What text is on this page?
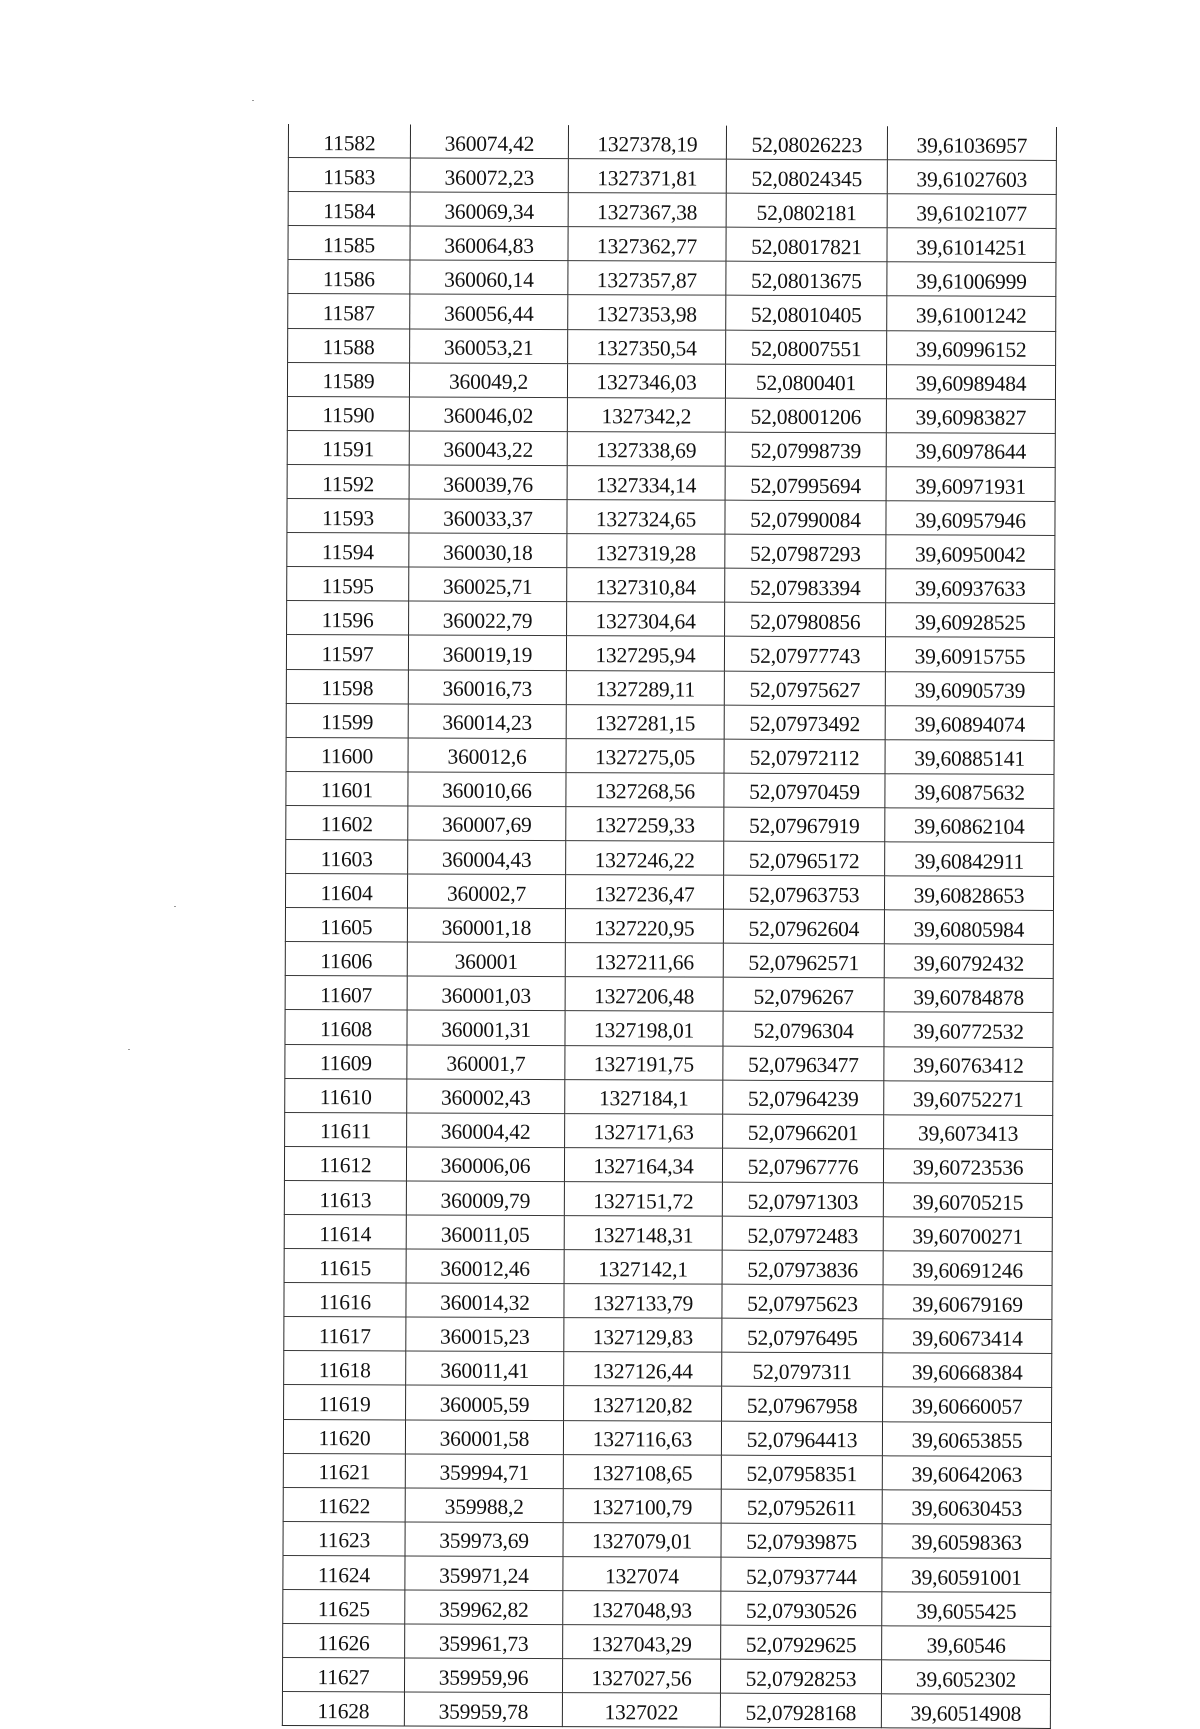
11582	360074,42	1327378,19	52,08026223	39,61036957
11583	360072,23	1327371,81	52,08024345	39,61027603
11584	360069,34	1327367,38	52,0802181	39,61021077
11585	360064,83	1327362,77	52,08017821	39,61014251
11586	360060,14	1327357,87	52,08013675	39,61006999
11587	360056,44	1327353,98	52,08010405	39,61001242
11588	360053,21	1327350,54	52,08007551	39,60996152
11589	360049,2	1327346,03	52,0800401	39,60989484
11590	360046,02	1327342,2	52,08001206	39,60983827
11591	360043,22	1327338,69	52,07998739	39,60978644
11592	360039,76	1327334,14	52,07995694	39,60971931
11593	360033,37	1327324,65	52,07990084	39,60957946
11594	360030,18	1327319,28	52,07987293	39,60950042
11595	360025,71	1327310,84	52,07983394	39,60937633
11596	360022,79	1327304,64	52,07980856	39,60928525
11597	360019,19	1327295,94	52,07977743	39,60915755
11598	360016,73	1327289,11	52,07975627	39,60905739
11599	360014,23	1327281,15	52,07973492	39,60894074
11600	360012,6	1327275,05	52,07972112	39,60885141
11601	360010,66	1327268,56	52,07970459	39,60875632
11602	360007,69	1327259,33	52,07967919	39,60862104
11603	360004,43	1327246,22	52,07965172	39,60842911
11604	360002,7	1327236,47	52,07963753	39,60828653
11605	360001,18	1327220,95	52,07962604	39,60805984
11606	360001	1327211,66	52,07962571	39,60792432
11607	360001,03	1327206,48	52,0796267	39,60784878
11608	360001,31	1327198,01	52,0796304	39,60772532
11609	360001,7	1327191,75	52,07963477	39,60763412
11610	360002,43	1327184,1	52,07964239	39,60752271
11611	360004,42	1327171,63	52,07966201	39,6073413
11612	360006,06	1327164,34	52,07967776	39,60723536
11613	360009,79	1327151,72	52,07971303	39,60705215
11614	360011,05	1327148,31	52,07972483	39,60700271
11615	360012,46	1327142,1	52,07973836	39,60691246
11616	360014,32	1327133,79	52,07975623	39,60679169
11617	360015,23	1327129,83	52,07976495	39,60673414
11618	360011,41	1327126,44	52,0797311	39,60668384
11619	360005,59	1327120,82	52,07967958	39,60660057
11620	360001,58	1327116,63	52,07964413	39,60653855
11621	359994,71	1327108,65	52,07958351	39,60642063
11622	359988,2	1327100,79	52,07952611	39,60630453
11623	359973,69	1327079,01	52,07939875	39,60598363
11624	359971,24	1327074	52,07937744	39,60591001
11625	359962,82	1327048,93	52,07930526	39,6055425
11626	359961,73	1327043,29	52,07929625	39,60546
11627	359959,96	1327027,56	52,07928253	39,6052302
11628	359959,78	1327022	52,07928168	39,60514908
